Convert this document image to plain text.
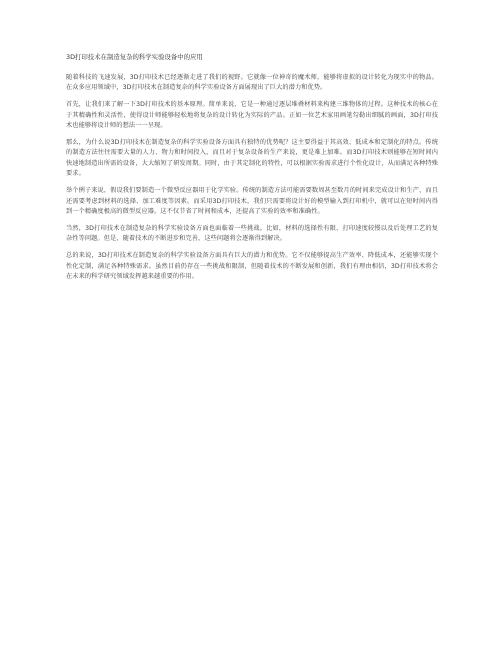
3D打印技术在制造复杂的科学实验设备中的应用

随着科技的飞速发展，3D打印技术已经逐渐走进了我们的视野。它就像一位神奇的魔术师，能够将虚拟的设计转化为现实中的物品。在众多应用领域中，3D打印技术在制造复杂的科学实验设备方面展现出了巨大的潜力和优势。

首先，让我们来了解一下3D打印技术的基本原理。简单来说，它是一种通过逐层堆叠材料来构建三维物体的过程。这种技术的核心在于其精确性和灵活性，使得设计师能够轻松地将复杂的设计转化为实际的产品。正如一位艺术家用画笔勾勒出细腻的画面，3D打印技术也能够将设计师的想法一一呈现。

那么，为什么说3D打印技术在制造复杂的科学实验设备方面具有独特的优势呢？这主要得益于其高效、低成本和定制化的特点。传统的制造方法往往需要大量的人力、物力和时间投入，而且对于复杂设备的生产来说，更是难上加难。而3D打印技术则能够在短时间内快速地制造出所需的设备，大大缩短了研发周期。同时，由于其定制化的特性，可以根据实验需求进行个性化设计，从而满足各种特殊要求。

举个例子来说，假设我们要制造一个微型反应器用于化学实验。传统的制造方法可能需要数周甚至数月的时间来完成设计和生产，而且还需要考虑到材料的选择、加工难度等因素。而采用3D打印技术，我们只需要将设计好的模型输入到打印机中，就可以在短时间内得到一个精确度极高的微型反应器。这不仅节省了时间和成本，还提高了实验的效率和准确性。

当然，3D打印技术在制造复杂的科学实验设备方面也面临着一些挑战。比如，材料的选择性有限、打印速度较慢以及后处理工艺的复杂性等问题。但是，随着技术的不断进步和完善，这些问题将会逐渐得到解决。

总的来说，3D打印技术在制造复杂的科学实验设备方面具有巨大的潜力和优势。它不仅能够提高生产效率、降低成本，还能够实现个性化定制，满足各种特殊需求。虽然目前仍存在一些挑战和限制，但随着技术的不断发展和创新，我们有理由相信，3D打印技术将会在未来的科学研究领域发挥越来越重要的作用。
